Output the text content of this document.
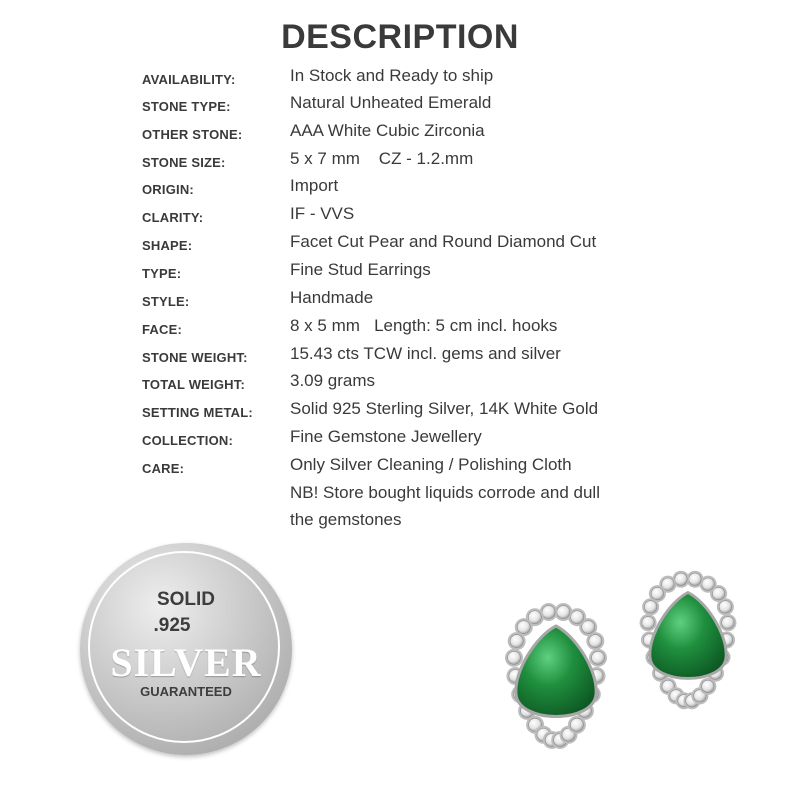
DESCRIPTION
AVAILABILITY:	In Stock and Ready to ship
STONE TYPE:	Natural Unheated Emerald
OTHER STONE:	AAA White Cubic Zirconia
STONE SIZE:	5 x 7 mm    CZ - 1.2.mm
ORIGIN:	Import
CLARITY:	IF - VVS
SHAPE:	Facet Cut Pear and Round Diamond Cut
TYPE:	Fine Stud Earrings
STYLE:	Handmade
FACE:	8 x 5 mm   Length: 5 cm incl. hooks
STONE WEIGHT: 15.43 cts TCW incl. gems and silver
TOTAL WEIGHT:	3.09 grams
SETTING METAL: Solid 925 Sterling Silver, 14K White Gold
COLLECTION:	Fine Gemstone Jewellery
CARE:	Only Silver Cleaning / Polishing Cloth
NB! Store bought liquids corrode and dull
the gemstones
SOLID
.925
SILVER
GUARANTEED
